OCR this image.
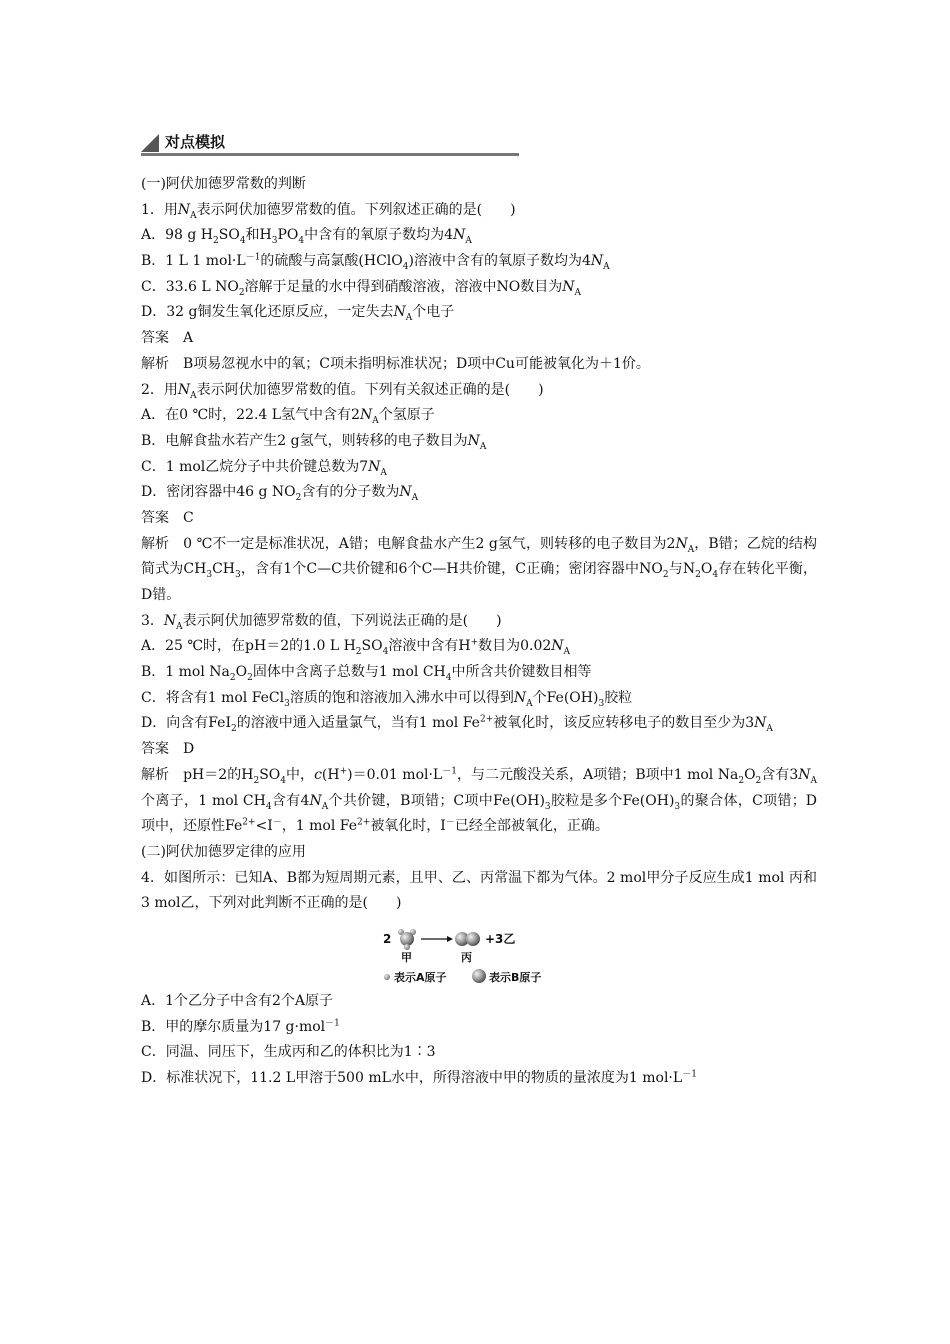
对点模拟
(一)阿伏加德罗常数的判断
1．用$N_A$表示阿伏加德罗常数的值。下列叙述正确的是(　　)
A．98 g $H_2SO_4$和$H_3PO_4$中含有的氧原子数均为$4N_A$
B．1 L 1 $mol\cdot L^{-1}$的硫酸与高氯酸(HClO$_4$)溶液中含有的氧原子数均为$4N_A$
C．33.6 L $NO_2$溶解于足量的水中得到硝酸溶液，溶液中NO数目为$N_A$
D．32 g铜发生氧化还原反应，一定失去$N_A$个电子
答案　A
解析　B项易忽视水中的氧；C项未指明标准状况；D项中Cu可能被氧化为＋1价。
2．用$N_A$表示阿伏加德罗常数的值。下列有关叙述正确的是(　　)
A．在0 ℃时，22.4 L氢气中含有$2N_A$个氢原子
B．电解食盐水若产生2 g氢气，则转移的电子数目为$N_A$
C．1 mol乙烷分子中共价键总数为$7N_A$
D．密闭容器中46 g $NO_2$含有的分子数为$N_A$
答案　C
解析　0 ℃不一定是标准状况，A错；电解食盐水产生2 g氢气，则转移的电子数目为$2N_A$，B错；乙烷的结构简式为$CH_3CH_3$，含有1个C—C共价键和6个C—H共价键，C正确；密闭容器中$NO_2$与$N_2O_4$存在转化平衡，D错。
3．$N_A$表示阿伏加德罗常数的值，下列说法正确的是(　　)
A．25 ℃时，在pH＝2的1.0 L $H_2SO_4$溶液中含有H+数目为$0.02N_A$
B．1 mol $Na_2O_2$固体中含离子总数与1 mol $CH_4$中所含共价键数目相等
C．将含有1 mol FeCl$_3$溶质的饱和溶液加入沸水中可以得到$N_A$个$Fe(OH)_3$胶粒
D．向含有FeI$_2$的溶液中通入适量氯气，当有1 mol $Fe^{2+}$被氧化时，该反应转移电子的数目至少为$3N_A$
答案　D
解析　pH＝2的$H_2SO_4$中，c(H+)＝0.01 $mol\cdot L^{-1}$，与二元酸没关系，A项错；B项中1 mol $Na_2O_2$含有$3N_A$个离子，1 mol $CH_4$含有$4N_A$个共价键，B项错；C项中$Fe(OH)_3$胶粒是多个$Fe(OH)_3$的聚合体，C项错；D项中，还原性$Fe^{2+}<I^-$，1 mol $Fe^{2+}$被氧化时，I－已经全部被氧化，正确。
(二)阿伏加德罗定律的应用
4．如图所示：已知A、B都为短周期元素，且甲、乙、丙常温下都为气体。2 mol甲分子反应生成1 mol 丙和3 mol乙，下列对此判断不正确的是(　　)
2	+3乙
甲	丙
表示A原子	表示B原子
A．1个乙分子中含有2个A原子
B．甲的摩尔质量为17 g·mol$^{-1}$
C．同温、同压下，生成丙和乙的体积比为1∶3
D．标准状况下，11.2 L甲溶于500 mL水中，所得溶液中甲的物质的量浓度为1 $mol\cdot L^{-1}$
